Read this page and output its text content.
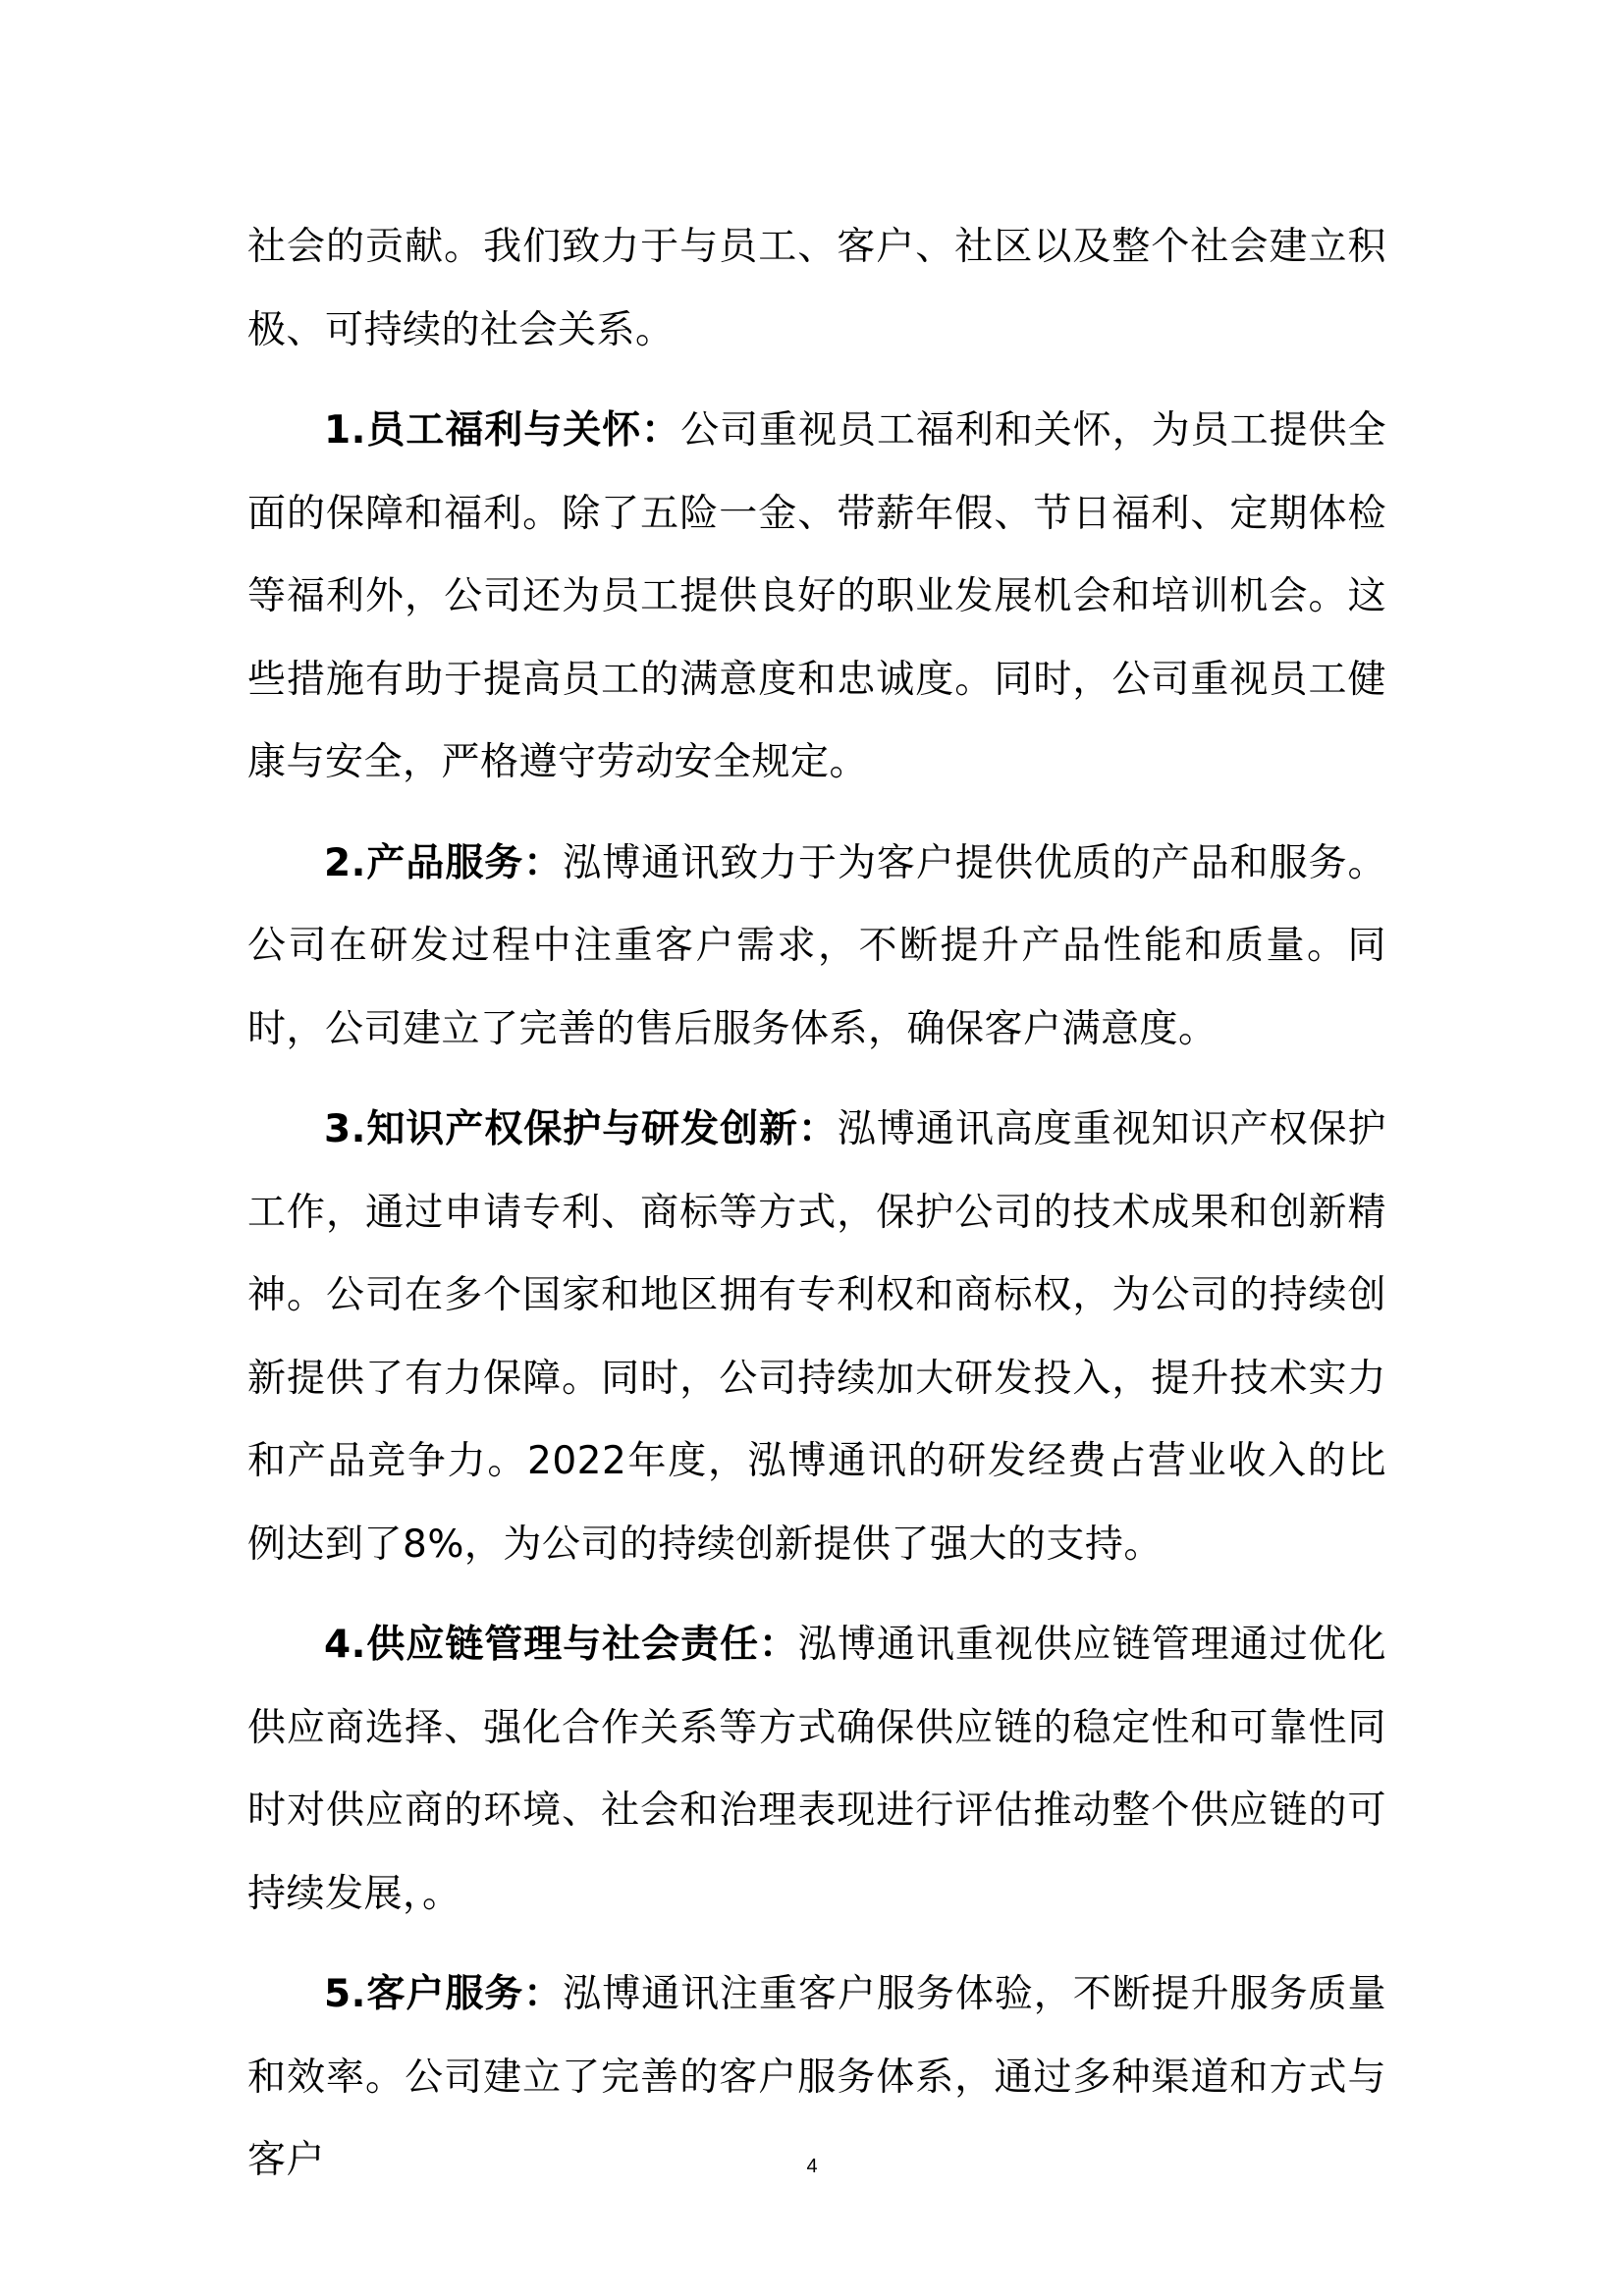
社会的贡献。我们致力于与员工、客户、社区以及整个社会建立积极、可持续的社会关系。

1.员工福利与关怀：公司重视员工福利和关怀，为员工提供全面的保障和福利。除了五险一金、带薪年假、节日福利、定期体检等福利外，公司还为员工提供良好的职业发展机会和培训机会。这些措施有助于提高员工的满意度和忠诚度。同时，公司重视员工健康与安全，严格遵守劳动安全规定。

2.产品服务：泓博通讯致力于为客户提供优质的产品和服务。公司在研发过程中注重客户需求，不断提升产品性能和质量。同时，公司建立了完善的售后服务体系，确保客户满意度。

3.知识产权保护与研发创新：泓博通讯高度重视知识产权保护工作，通过申请专利、商标等方式，保护公司的技术成果和创新精神。公司在多个国家和地区拥有专利权和商标权，为公司的持续创新提供了有力保障。同时，公司持续加大研发投入，提升技术实力和产品竞争力。2022年度，泓博通讯的研发经费占营业收入的比例达到了8%，为公司的持续创新提供了强大的支持。

4.供应链管理与社会责任：泓博通讯重视供应链管理通过优化供应商选择、强化合作关系等方式确保供应链的稳定性和可靠性同时对供应商的环境、社会和治理表现进行评估推动整个供应链的可持续发展，。

5.客户服务：泓博通讯注重客户服务体验，不断提升服务质量和效率。公司建立了完善的客户服务体系，通过多种渠道和方式与客户	4
